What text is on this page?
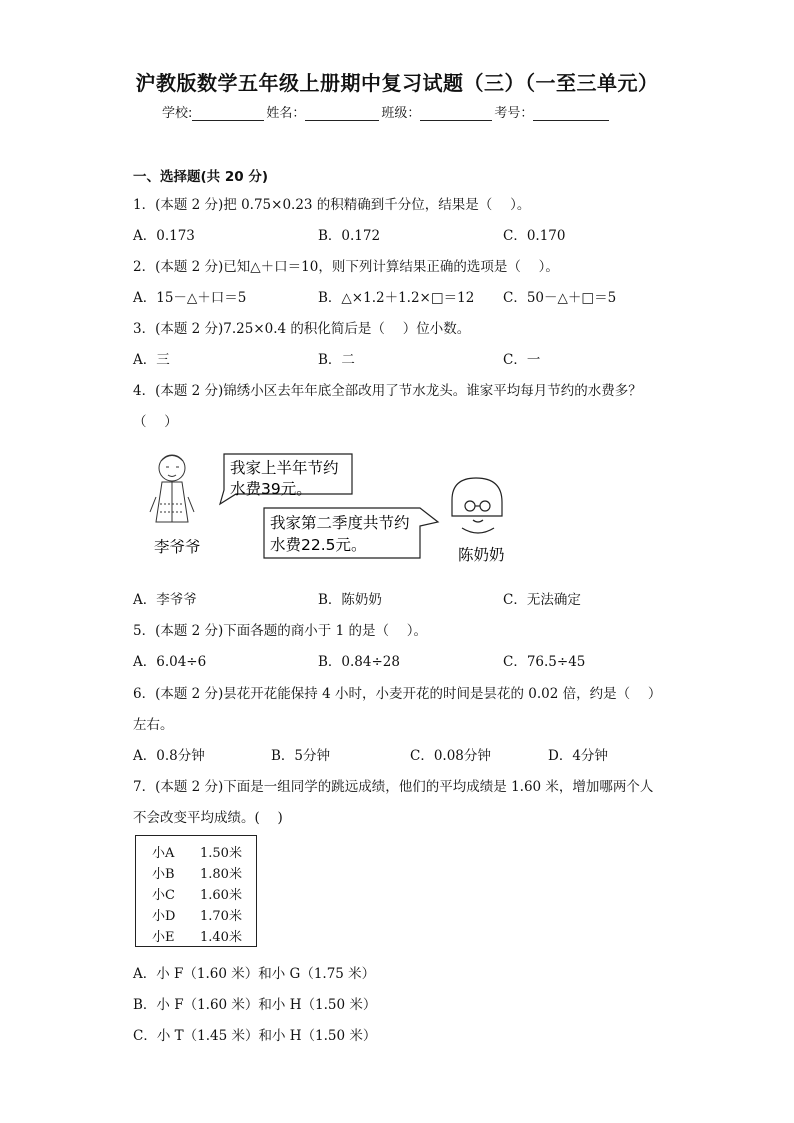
沪教版数学五年级上册期中复习试题（三）（一至三单元）
学校:	姓名：	班级：	考号：
一、选择题(共 20 分)
1．(本题 2 分)把 0.75×0.23 的积精确到千分位，结果是（　 ）。
A．0.173	B．0.172	C．0.170
2．(本题 2 分)已知△＋口＝10，则下列计算结果正确的选项是（　 ）。
A．15－△＋口＝5	B．△×1.2＋1.2×□＝12 C．50－△＋□＝5
3．(本题 2 分)7.25×0.4 的积化简后是（　 ）位小数。
A．三	B．二	C．一
4．(本题 2 分)锦绣小区去年年底全部改用了节水龙头。谁家平均每月节约的水费多？
（　 ）
我家上半年节约
水费39元。
我家第二季度共节约
水费22.5元。
李爷爷	陈奶奶
A．李爷爷	B．陈奶奶	C．无法确定
5．(本题 2 分)下面各题的商小于 1 的是（　 ）。
A．6.04÷6	B．0.84÷28	C．76.5÷45
6．(本题 2 分)昙花开花能保持 4 小时，小麦开花的时间是昙花的 0.02 倍，约是（　 ）
左右。
A．0.8分钟	B．5分钟	C．0.08分钟	D．4分钟
7．(本题 2 分)下面是一组同学的跳远成绩，他们的平均成绩是 1.60 米，增加哪两个人
不会改变平均成绩。(　 )
小A 1.50米
小B 1.80米
小C 1.60米
小D 1.70米
小E 1.40米
A．小 F（1.60 米）和小 G（1.75 米）
B．小 F（1.60 米）和小 H（1.50 米）
C．小 T（1.45 米）和小 H（1.50 米）
